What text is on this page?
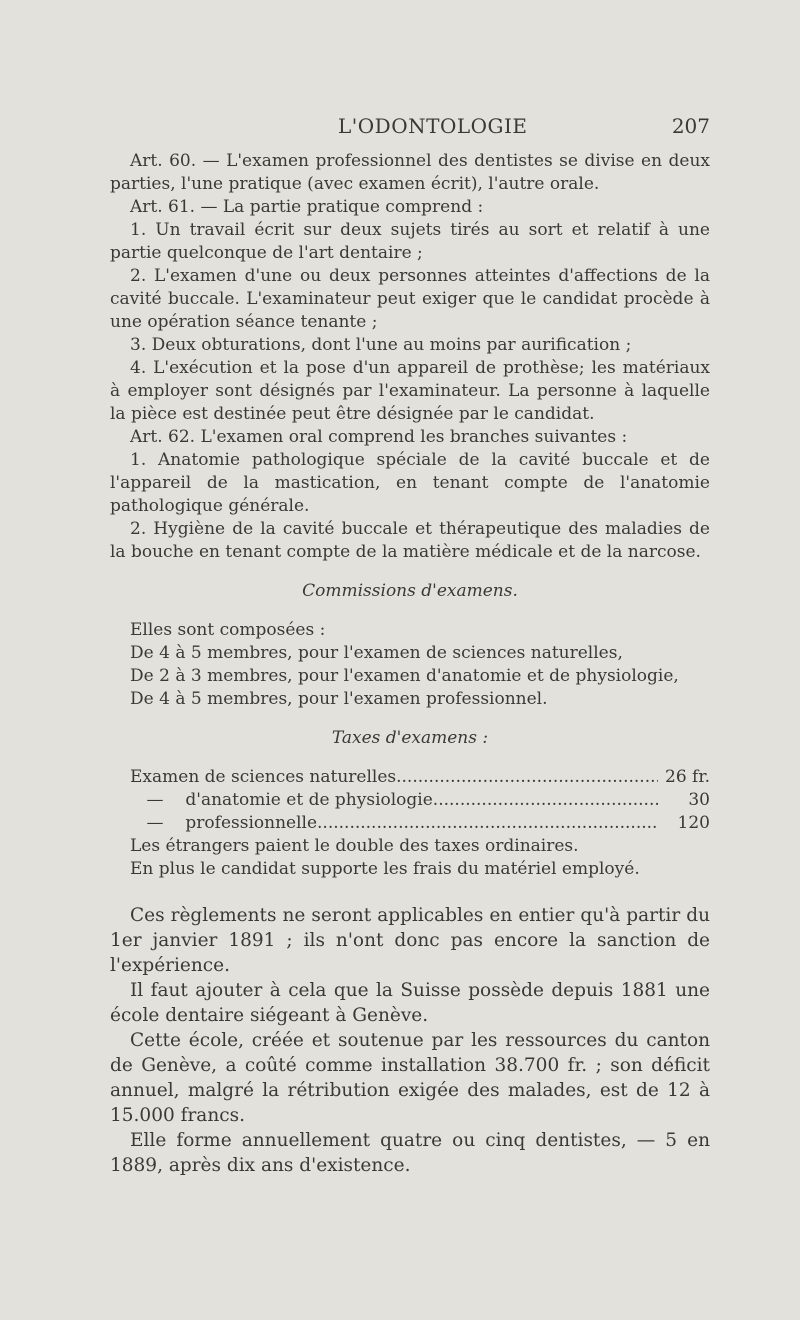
L'ODONTOLOGIE	207

Art. 60. — L'examen professionnel des dentistes se divise en deux parties, l'une pratique (avec examen écrit), l'autre orale.

Art. 61. — La partie pratique comprend :

1. Un travail écrit sur deux sujets tirés au sort et relatif à une partie quelconque de l'art dentaire ;

2. L'examen d'une ou deux personnes atteintes d'affections de la cavité buccale. L'examinateur peut exiger que le candidat procède à une opération séance tenante ;

3. Deux obturations, dont l'une au moins par aurification ;

4. L'exécution et la pose d'un appareil de prothèse; les matériaux à employer sont désignés par l'examinateur. La personne à laquelle la pièce est destinée peut être désignée par le candidat.

Art. 62. L'examen oral comprend les branches suivantes :

1. Anatomie pathologique spéciale de la cavité buccale et de l'appareil de la mastication, en tenant compte de l'anatomie pathologique générale.

2. Hygiène de la cavité buccale et thérapeutique des maladies de la bouche en tenant compte de la matière médicale et de la narcose.

Commissions d'examens.

Elles sont composées :

De 4 à 5 membres, pour l'examen de sciences naturelles,

De 2 à 3 membres, pour l'examen d'anatomie et de physiologie,

De 4 à 5 membres, pour l'examen professionnel.

Taxes d'examens :
Examen de sciences naturelles .....	26 fr.
— d'anatomie et de physiologie .....	30
— professionnelle .....	120

Les étrangers paient le double des taxes ordinaires.

En plus le candidat supporte les frais du matériel employé.

Ces règlements ne seront applicables en entier qu'à partir du 1er janvier 1891 ; ils n'ont donc pas encore la sanction de l'expérience.

Il faut ajouter à cela que la Suisse possède depuis 1881 une école dentaire siégeant à Genève.

Cette école, créée et soutenue par les ressources du canton de Genève, a coûté comme installation 38.700 fr. ; son déficit annuel, malgré la rétribution exigée des malades, est de 12 à 15.000 francs.

Elle forme annuellement quatre ou cinq dentistes, — 5 en 1889, après dix ans d'existence.
